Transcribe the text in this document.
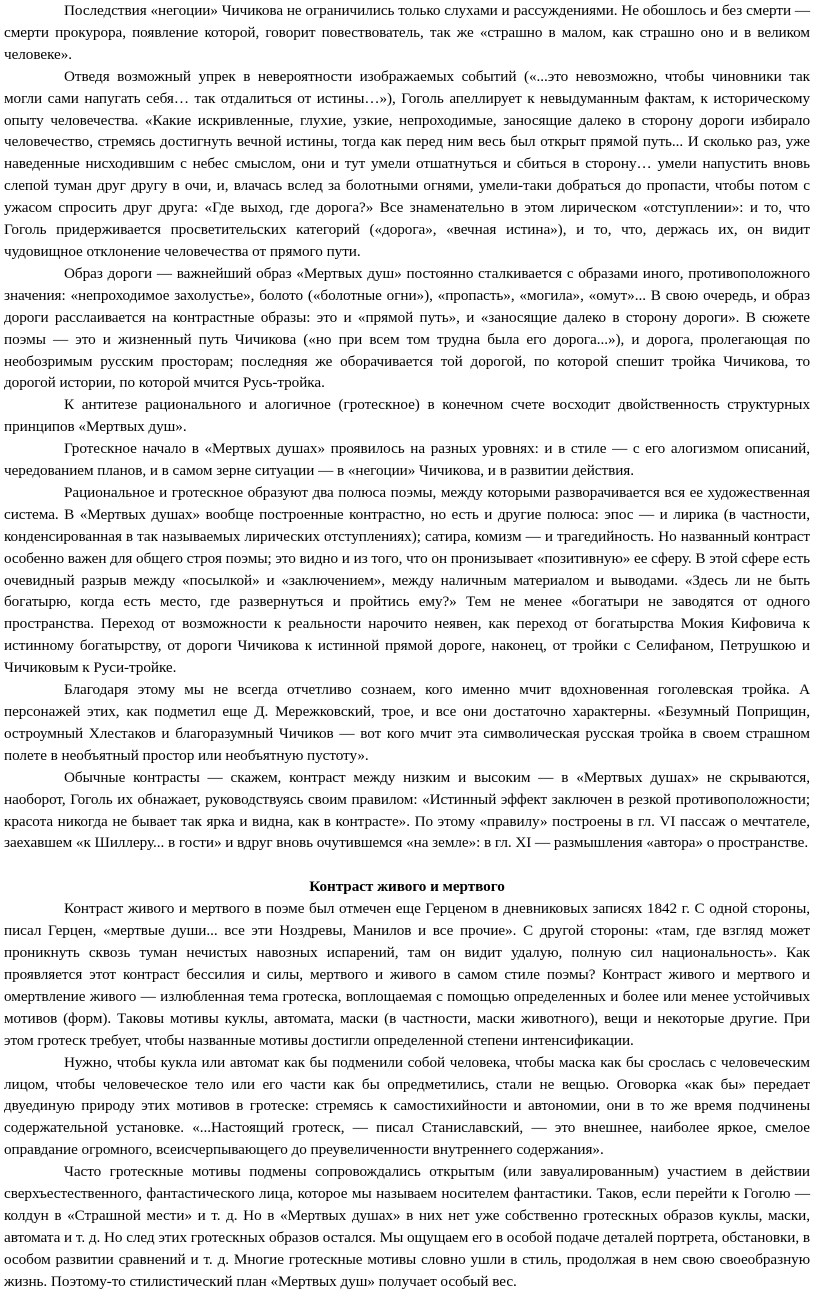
Последствия «негоции» Чичикова не ограничились только слухами и рассуждениями. Не обошлось и без смерти — смерти прокурора, появление которой, говорит повествователь, так же «страшно в малом, как страшно оно и в великом человеке».

Отведя возможный упрек в невероятности изображаемых событий («...это невозможно, чтобы чиновники так могли сами напугать себя… так отдалиться от истины…»), Гоголь апеллирует к невыдуманным фактам, к историческому опыту человечества. «Какие искривленные, глухие, узкие, непроходимые, заносящие далеко в сторону дороги избирало человечество, стремясь достигнуть вечной истины, тогда как перед ним весь был открыт прямой путь... И сколько раз, уже наведенные нисходившим с небес смыслом, они и тут умели отшатнуться и сбиться в сторону… умели напустить вновь слепой туман друг другу в очи, и, влачась вслед за болотными огнями, умели-таки добраться до пропасти, чтобы потом с ужасом спросить друг друга: «Где выход, где дорога?» Все знаменательно в этом лирическом «отступлении»: и то, что Гоголь придерживается просветительских категорий («дорога», «вечная истина»), и то, что, держась их, он видит чудовищное отклонение человечества от прямого пути.

Образ дороги — важнейший образ «Мертвых душ» постоянно сталкивается с образами иного, противоположного значения: «непроходимое захолустье», болото («болотные огни»), «пропасть», «могила», «омут»... В свою очередь, и образ дороги расслаивается на контрастные образы: это и «прямой путь», и «заносящие далеко в сторону дороги». В сюжете поэмы — это и жизненный путь Чичикова («но при всем том трудна была его дорога...»), и дорога, пролегающая по необозримым русским просторам; последняя же оборачивается той дорогой, по которой спешит тройка Чичикова, то дорогой истории, по которой мчится Русь-тройка.

К антитезе рационального и алогичное (гротескное) в конечном счете восходит двойственность структурных принципов «Мертвых душ».

Гротескное начало в «Мертвых душах» проявилось на разных уровнях: и в стиле — с его алогизмом описаний, чередованием планов, и в самом зерне ситуации — в «негоции» Чичикова, и в развитии действия.

Рациональное и гротескное образуют два полюса поэмы, между которыми разворачивается вся ее художественная система. В «Мертвых душах» вообще построенные контрастно, но есть и другие полюса: эпос — и лирика (в частности, конденсированная в так называемых лирических отступлениях); сатира, комизм — и трагедийность. Но названный контраст особенно важен для общего строя поэмы; это видно и из того, что он пронизывает «позитивную» ее сферу. В этой сфере есть очевидный разрыв между «посылкой» и «заключением», между наличным материалом и выводами. «Здесь ли не быть богатырю, когда есть место, где развернуться и пройтись ему?» Тем не менее «богатыри не заводятся от одного пространства. Переход от возможности к реальности нарочито неявен, как переход от богатырства Мокия Кифовича к истинному богатырству, от дороги Чичикова к истинной прямой дороге, наконец, от тройки с Селифаном, Петрушкою и Чичиковым к Руси-тройке.

Благодаря этому мы не всегда отчетливо сознаем, кого именно мчит вдохновенная гоголевская тройка. А персонажей этих, как подметил еще Д. Мережковский, трое, и все они достаточно характерны. «Безумный Поприщин, остроумный Хлестаков и благоразумный Чичиков — вот кого мчит эта символическая русская тройка в своем страшном полете в необъятный простор или необъятную пустоту».

Обычные контрасты — скажем, контраст между низким и высоким — в «Мертвых душах» не скрываются, наоборот, Гоголь их обнажает, руководствуясь своим правилом: «Истинный эффект заключен в резкой противоположности; красота никогда не бывает так ярка и видна, как в контрасте». По этому «правилу» построены в гл. VI пассаж о мечтателе, заехавшем «к Шиллеру... в гости» и вдруг вновь очутившемся «на земле»: в гл. XI — размышления «автора» о пространстве.

Контраст живого и мертвого

Контраст живого и мертвого в поэме был отмечен еще Герценом в дневниковых записях 1842 г. С одной стороны, писал Герцен, «мертвые души... все эти Ноздревы, Манилов и все прочие». С другой стороны: «там, где взгляд может проникнуть сквозь туман нечистых навозных испарений, там он видит удалую, полную сил национальность». Как проявляется этот контраст бессилия и силы, мертвого и живого в самом стиле поэмы? Контраст живого и мертвого и омертвление живого — излюбленная тема гротеска, воплощаемая с помощью определенных и более или менее устойчивых мотивов (форм). Таковы мотивы куклы, автомата, маски (в частности, маски животного), вещи и некоторые другие. При этом гротеск требует, чтобы названные мотивы достигли определенной степени интенсификации.

Нужно, чтобы кукла или автомат как бы подменили собой человека, чтобы маска как бы срослась с человеческим лицом, чтобы человеческое тело или его части как бы опредметились, стали не вещью. Оговорка «как бы» передает двуединую природу этих мотивов в гротеске: стремясь к самостихийности и автономии, они в то же время подчинены содержательной установке. «...Настоящий гротеск, — писал Станиславский, — это внешнее, наиболее яркое, смелое оправдание огромного, всеисчерпывающего до преувеличенности внутреннего содержания».

Часто гротескные мотивы подмены сопровождались открытым (или завуалированным) участием в действии сверхъестественного, фантастического лица, которое мы называем носителем фантастики. Таков, если перейти к Гоголю — колдун в «Страшной мести» и т. д. Но в «Мертвых душах» в них нет уже собственно гротескных образов куклы, маски, автомата и т. д. Но след этих гротескных образов остался. Мы ощущаем его в особой подаче деталей портрета, обстановки, в особом развитии сравнений и т. д. Многие гротескные мотивы словно ушли в стиль, продолжая в нем свою своеобразную жизнь. Поэтому-то стилистический план «Мертвых душ» получает особый вес.
